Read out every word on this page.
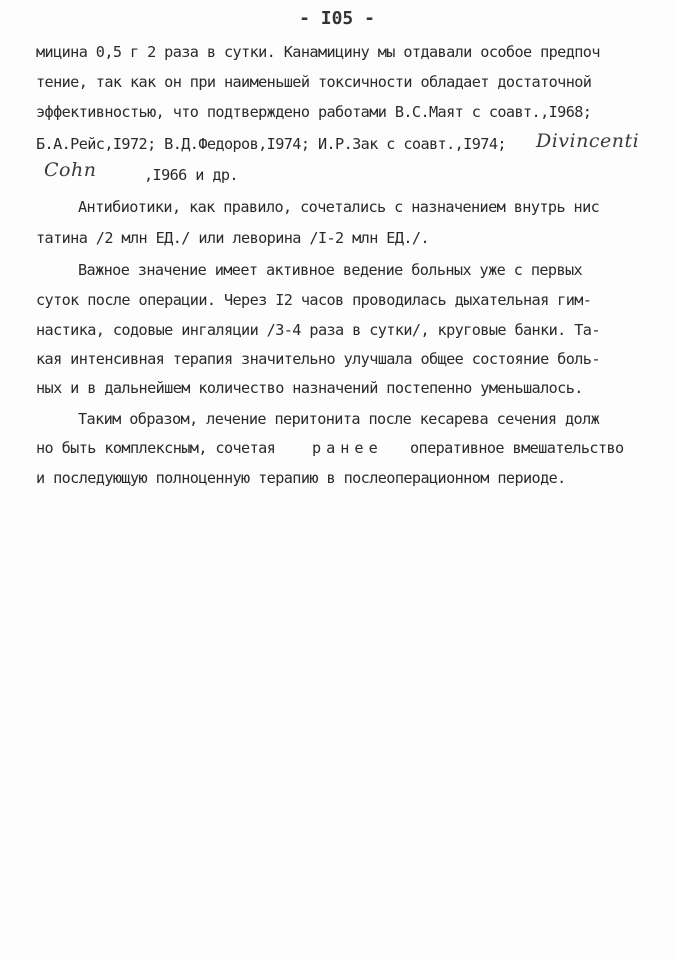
- I05 -
мицина 0,5 г 2 раза в сутки. Канамицину мы отдавали особое предпоч
тение, так как он при наименьшей токсичности обладает достаточной
эффективностью, что подтверждено работами В.С.Маят с соавт.,I968;
Б.А.Рейс,I972; В.Д.Федоров,I974; И.Р.Зак с соавт.,I974; Divincenti
Cohn	,I966 и др.
Антибиотики, как правило, сочетались с назначением внутрь нис
татина /2 млн ЕД./ или леворина /I-2 млн ЕД./.
Важное значение имеет активное ведение больных уже с первых
суток после операции. Через I2 часов проводилась дыхательная гим-
настика, содовые ингаляции /3-4 раза в сутки/, круговые банки. Та-
кая интенсивная терапия значительно улучшала общее состояние боль-
ных и в дальнейшем количество назначений постепенно уменьшалось.
Таким образом, лечение перитонита после кесарева сечения долж
но быть комплексным, сочетая ранее оперативное вмешательство
и последующую полноценную терапию в послеоперационном периоде.
